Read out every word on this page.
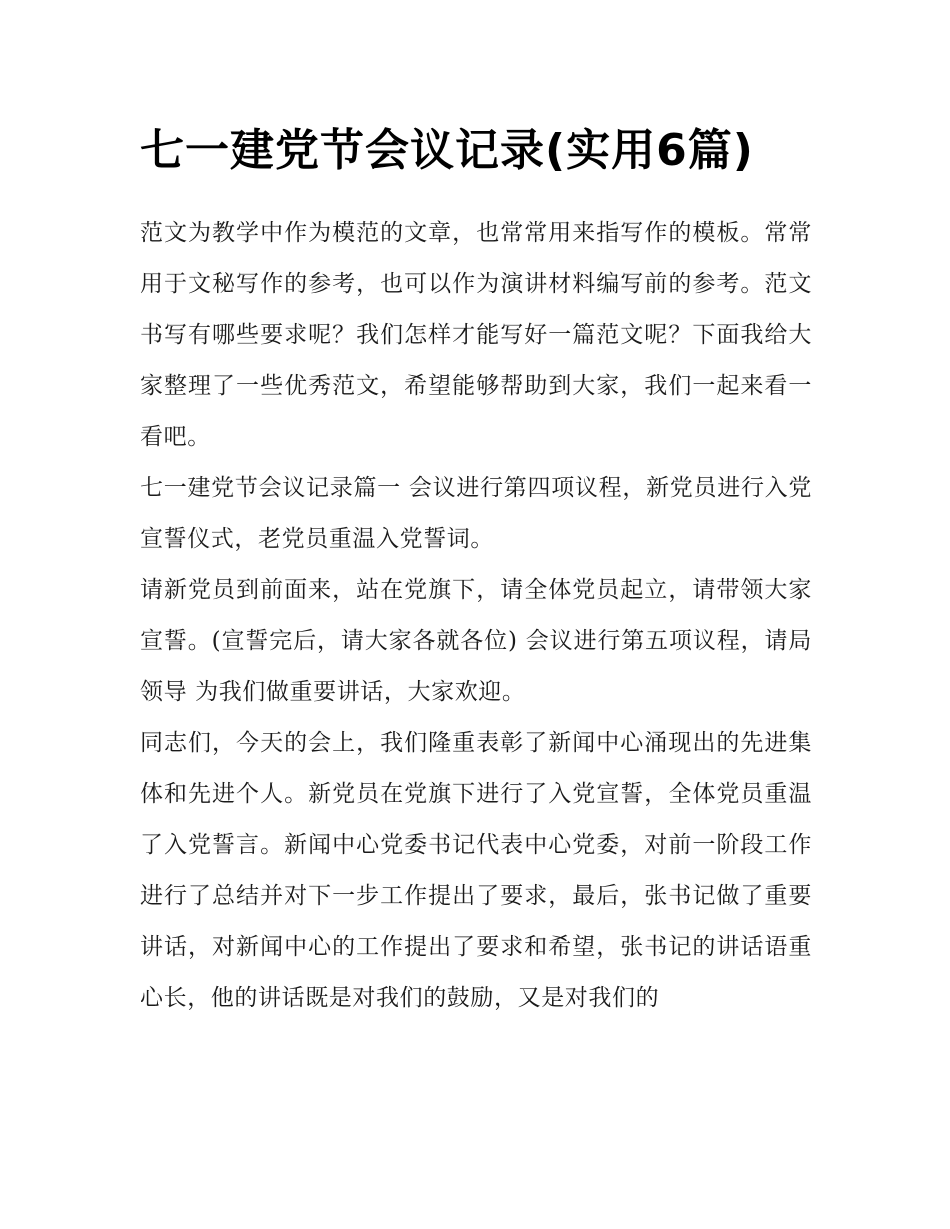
七一建党节会议记录(实用6篇)

范文为教学中作为模范的文章，也常常用来指写作的模板。常常用于文秘写作的参考，也可以作为演讲材料编写前的参考。范文书写有哪些要求呢？我们怎样才能写好一篇范文呢？下面我给大家整理了一些优秀范文，希望能够帮助到大家，我们一起来看一看吧。

七一建党节会议记录篇一 会议进行第四项议程，新党员进行入党宣誓仪式，老党员重温入党誓词。

请新党员到前面来，站在党旗下，请全体党员起立，请带领大家宣誓。(宣誓完后，请大家各就各位) 会议进行第五项议程，请局领导 为我们做重要讲话，大家欢迎。

同志们，今天的会上，我们隆重表彰了新闻中心涌现出的先进集体和先进个人。新党员在党旗下进行了入党宣誓，全体党员重温了入党誓言。新闻中心党委书记代表中心党委，对前一阶段工作进行了总结并对下一步工作提出了要求，最后，张书记做了重要讲话，对新闻中心的工作提出了要求和希望，张书记的讲话语重心长，他的讲话既是对我们的鼓励，又是对我们的
